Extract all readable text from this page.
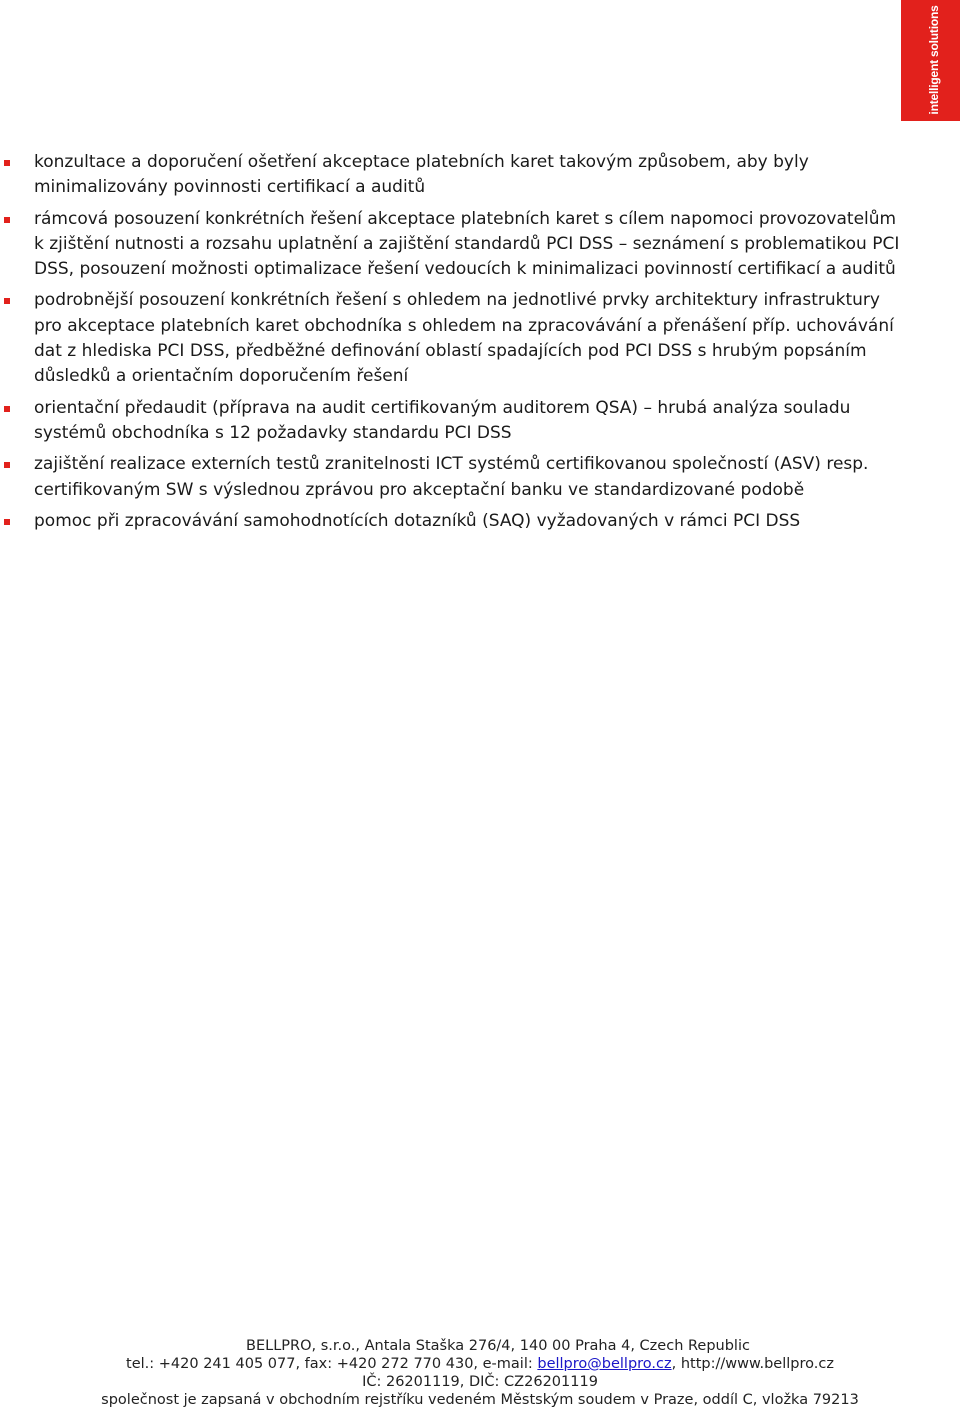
intelligent solutions
konzultace a doporučení ošetření akceptace platebních karet takovým způsobem, aby byly minimalizovány povinnosti certifikací a auditů
rámcová posouzení konkrétních řešení akceptace platebních karet s cílem napomoci provozovatelům k zjištění nutnosti a rozsahu uplatnění a zajištění standardů PCI DSS – seznámení s problematikou PCI DSS, posouzení možnosti optimalizace řešení vedoucích k minimalizaci povinností certifikací a auditů
podrobnější posouzení konkrétních řešení s ohledem na jednotlivé prvky architektury infrastruktury pro akceptace platebních karet obchodníka s ohledem na zpracovávání a přenášení příp. uchovávání dat z hlediska PCI DSS, předběžné definování oblastí spadajících pod PCI DSS s hrubým popsáním důsledků a orientačním doporučením řešení
orientační předaudit (příprava na audit certifikovaným auditorem QSA) – hrubá analýza souladu systémů obchodníka s 12 požadavky standardu PCI DSS
zajištění realizace externích testů zranitelnosti ICT systémů certifikovanou společností (ASV) resp. certifikovaným SW s výslednou zprávou pro akceptační banku ve standardizované podobě
pomoc při zpracovávání samohodnotících dotazníků (SAQ) vyžadovaných v rámci PCI DSS
BELLPRO, s.r.o., Antala Staška 276/4, 140 00 Praha 4, Czech Republic
tel.: +420 241 405 077, fax: +420 272 770 430, e-mail: bellpro@bellpro.cz, http://www.bellpro.cz
IČ: 26201119, DIČ: CZ26201119
společnost je zapsaná v obchodním rejstříku vedeném Městským soudem v Praze, oddíl C, vložka 79213
